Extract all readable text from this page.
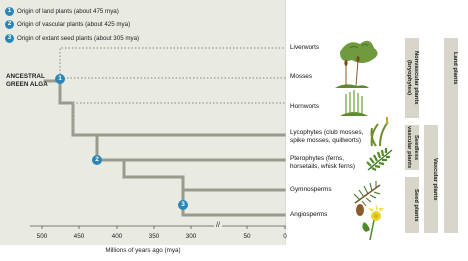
1 Origin of land plants (about 475 mya)
2 Origin of vascular plants (about 425 mya)
3 Origin of extant seed plants (about 305 mya)
ANCESTRAL
GREEN ALGA
Liverworts
Mosses
Hornworts
Lycophytes (club mosses,
spike mosses, quillworts)
Pterophytes (ferns,
horsetails, whisk ferns)
Gymnosperms
Angiosperms
Nonvascular plants (bryophytes)
Seedless vascular plants
Seed plants
Vascular plants
Land plants
1
2
3
500	450	400	350	300	50	0
//
Millions of years ago (mya)
